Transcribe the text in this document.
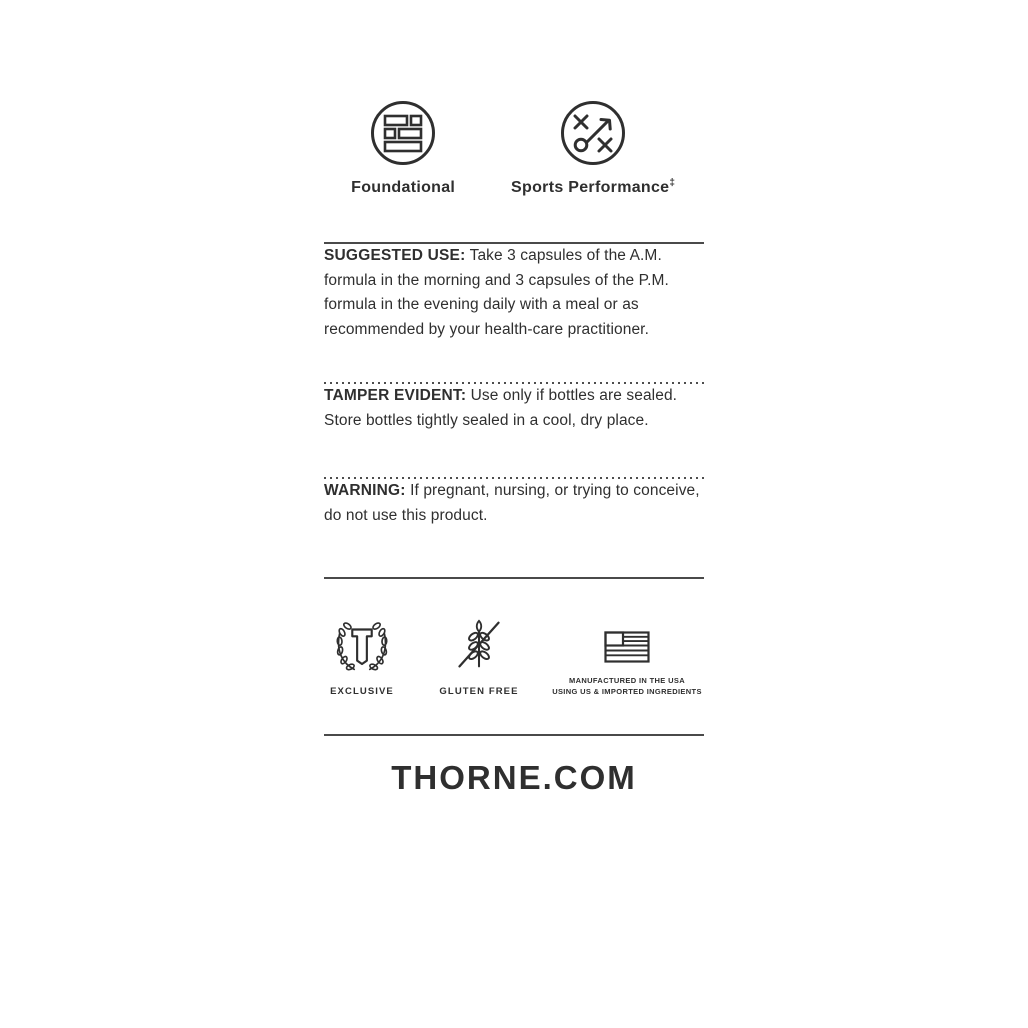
Foundational	Sports Performance‡

SUGGESTED USE: Take 3 capsules of the A.M. formula in the morning and 3 capsules of the P.M. formula in the evening daily with a meal or as recommended by your health-care practitioner.

TAMPER EVIDENT: Use only if bottles are sealed. Store bottles tightly sealed in a cool, dry place.

WARNING: If pregnant, nursing, or trying to conceive, do not use this product.

EXCLUSIVE	GLUTEN FREE
MANUFACTURED IN THE USA
USING US & IMPORTED INGREDIENTS
THORNE.COM
